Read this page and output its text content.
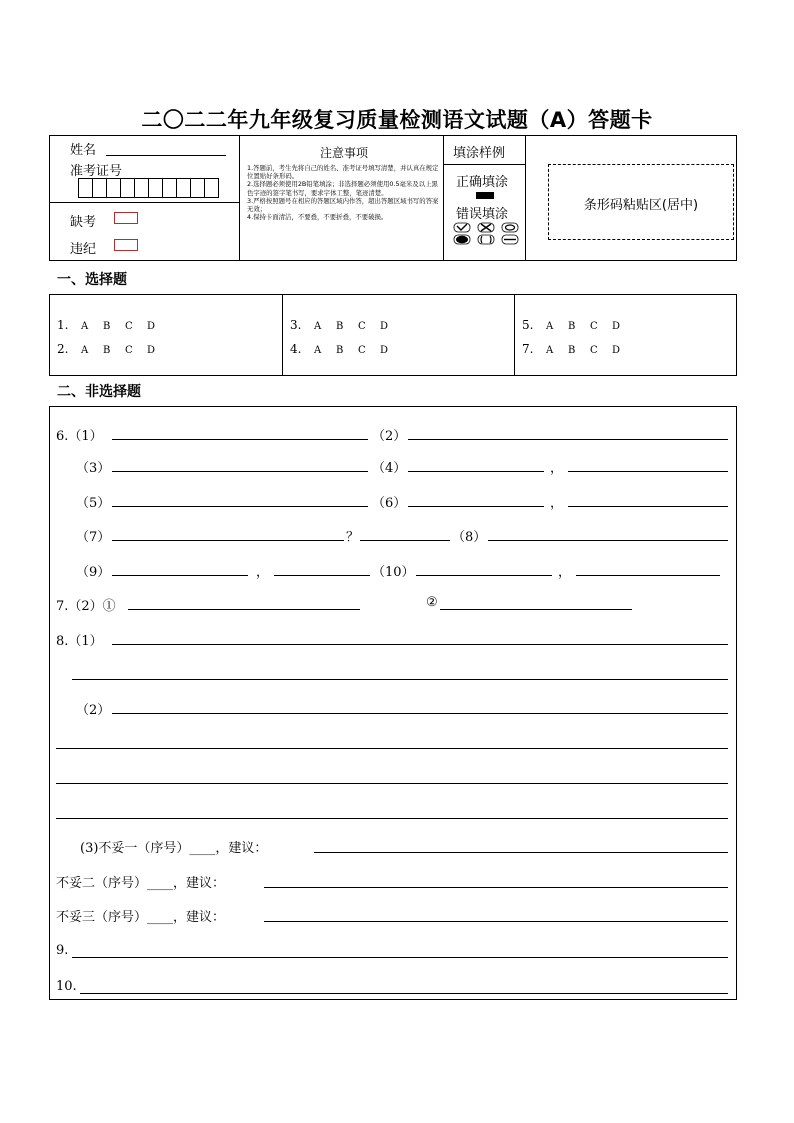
二〇二二年九年级复习质量检测语文试题（A）答题卡
姓名
准考证号
缺考
违纪
注意事项

1.答题前，考生先将自己的姓名、准考证号填写清楚，并认真在规定位置贴好条形码。

2.选择题必须使用2B铅笔填涂；非选择题必须使用0.5毫米及以上黑色字迹的签字笔书写，要求字体工整，笔迹清楚。

3.严格按照题号在相应的答题区域内作答，超出答题区域书写的答案无效；

4.保持卡面清洁，不要叠，不要折叠，不要破损。

填涂样例
正确填涂
错误填涂
条形码粘贴区(居中)
一、选择题
1. A B C D
2. A B C D
3. A B C D
4. A B C D
5. A B C D
7. A B C D
二、非选择题
6.（1）	（2）
（3）	（4）	，
（5）	（6）	，
（7）	？	（8）
（9）	，	（10）	，
7.（2）①	②
8.（1）
（2）
(3)不妥一（序号）____，建议：
不妥二（序号）____，建议：
不妥三（序号）____，建议：
9.
10.
